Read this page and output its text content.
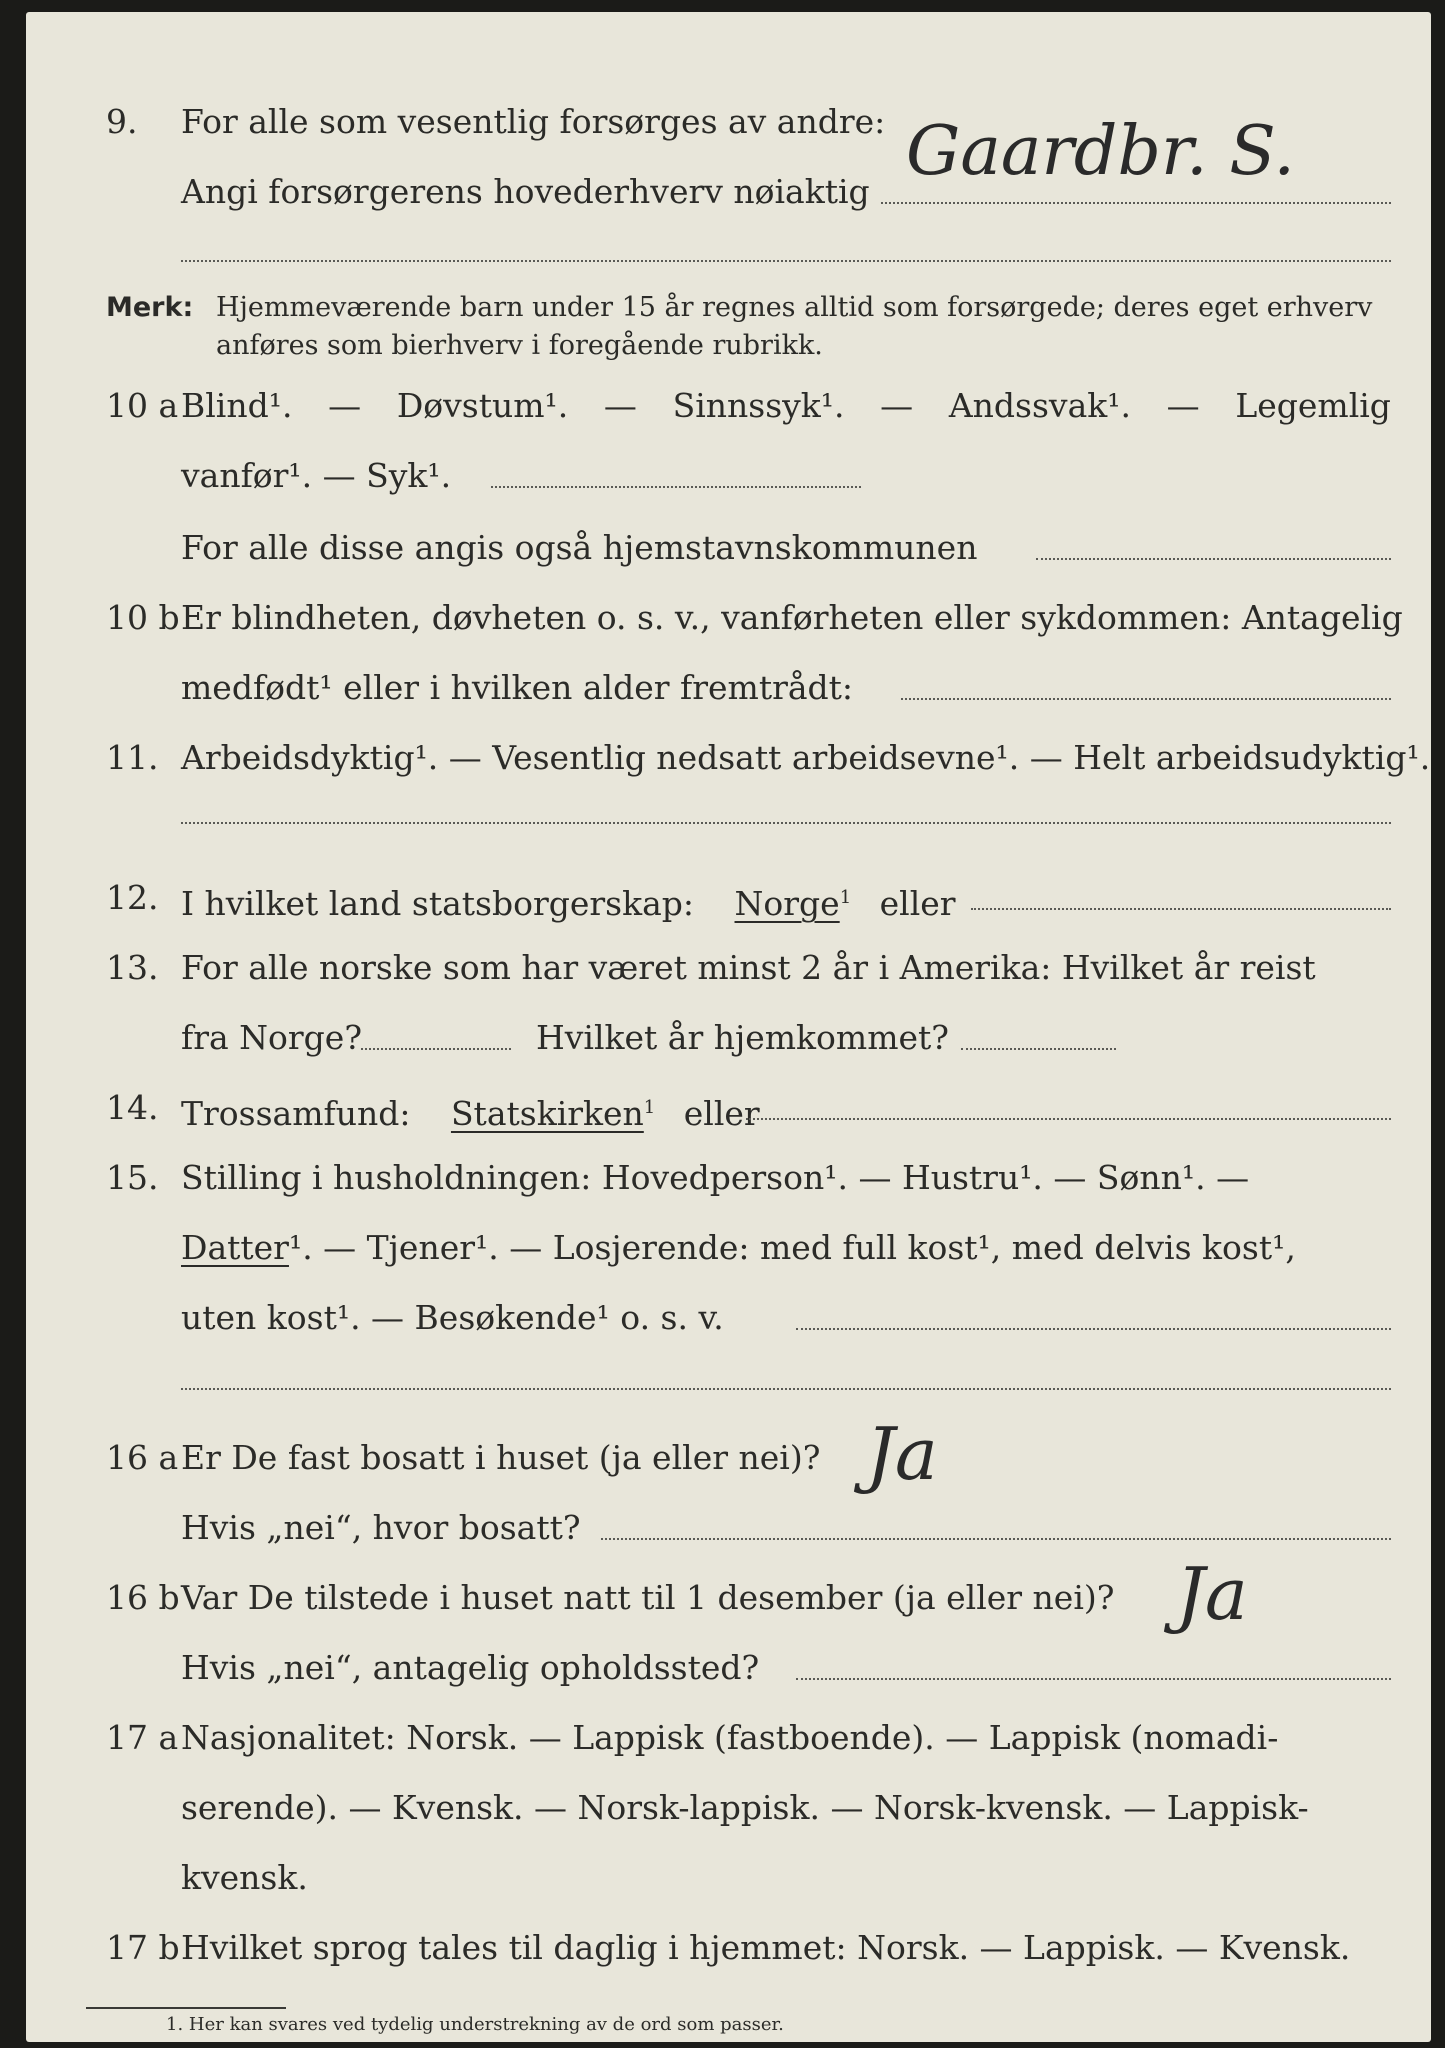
9. For alle som vesentlig forsørges av andre:
Angi forsørgerens hovederhverv nøiaktig
Gaardbr. S.
Merk: Hjemmeværende barn under 15 år regnes alltid som forsørgede; deres eget erhverv
anføres som bierhverv i foregående rubrikk.
10 a Blind¹. — Døvstum¹. — Sinnssyk¹. — Andssvak¹. — Legemlig
vanfør¹. — Syk¹.
For alle disse angis også hjemstavnskommunen
10 b Er blindheten, døvheten o. s. v., vanførheten eller sykdommen: Antagelig
medfødt¹ eller i hvilken alder fremtrådt:
11. Arbeidsdyktig¹. — Vesentlig nedsatt arbeidsevne¹. — Helt arbeidsudyktig¹.
12. I hvilket land statsborgerskap: Norge$^1$ eller
13. For alle norske som har været minst 2 år i Amerika: Hvilket år reist
fra Norge?	Hvilket år hjemkommet?
14. Trossamfund: Statskirken$^1$ eller
15. Stilling i husholdningen: Hovedperson¹. — Hustru¹. — Sønn¹. —
Datter¹. — Tjener¹. — Losjerende: med full kost¹, med delvis kost¹,
uten kost¹. — Besøkende¹ o. s. v.
16 a Er De fast bosatt i huset (ja eller nei)? Ja
Hvis „nei“, hvor bosatt?
16 b Var De tilstede i huset natt til 1 desember (ja eller nei)? Ja
Hvis „nei“, antagelig opholdssted?
17 a Nasjonalitet: Norsk. — Lappisk (fastboende). — Lappisk (nomadi-
serende). — Kvensk. — Norsk-lappisk. — Norsk-kvensk. — Lappisk-
kvensk.
17 b Hvilket sprog tales til daglig i hjemmet: Norsk. — Lappisk. — Kvensk.
1. Her kan svares ved tydelig understrekning av de ord som passer.
